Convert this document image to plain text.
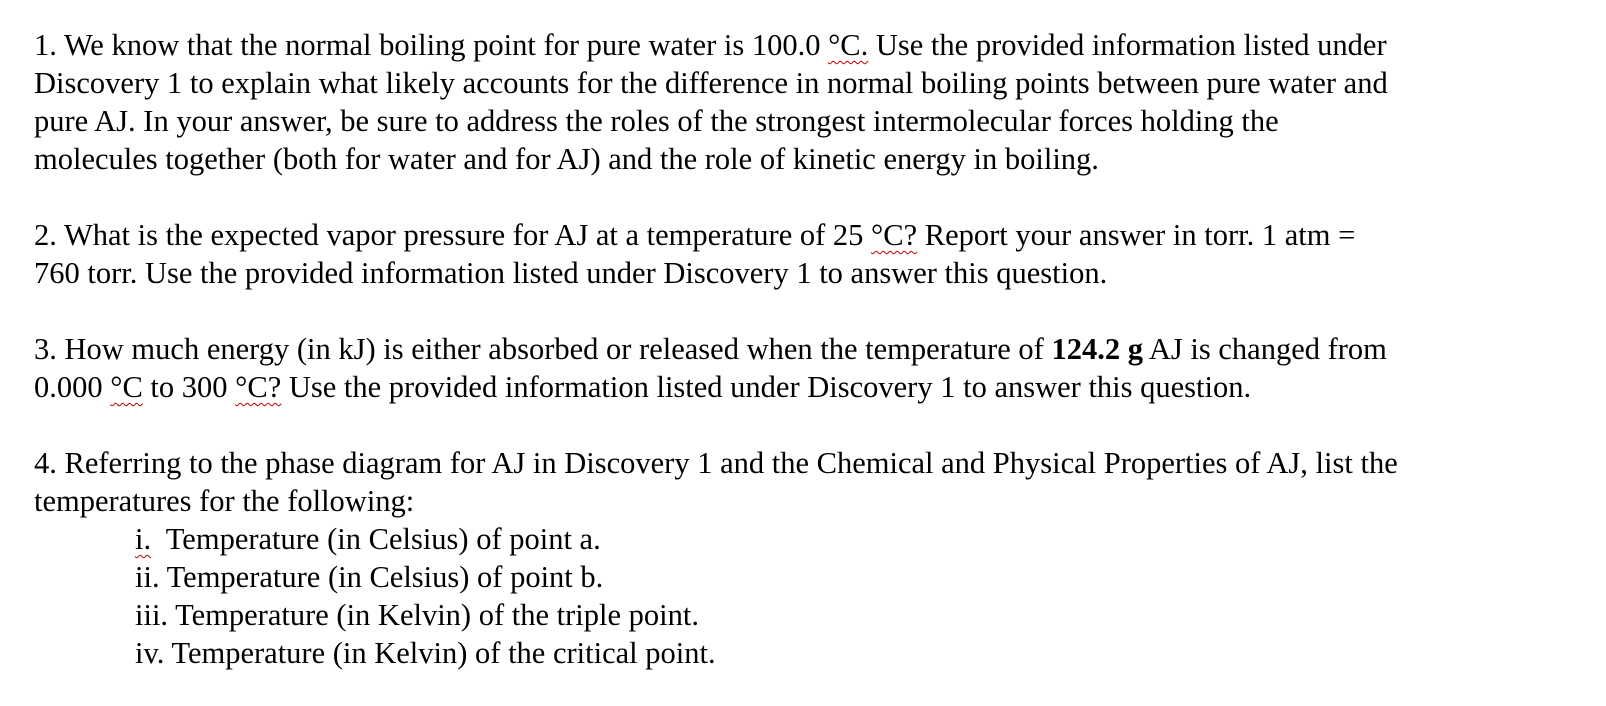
1. We know that the normal boiling point for pure water is 100.0 °C. Use the provided information listed under
Discovery 1 to explain what likely accounts for the difference in normal boiling points between pure water and
pure AJ. In your answer, be sure to address the roles of the strongest intermolecular forces holding the
molecules together (both for water and for AJ) and the role of kinetic energy in boiling.
2. What is the expected vapor pressure for AJ at a temperature of 25 °C? Report your answer in torr. 1 atm =
760 torr. Use the provided information listed under Discovery 1 to answer this question.
3. How much energy (in kJ) is either absorbed or released when the temperature of 124.2 g AJ is changed from
0.000 °C to 300 °C? Use the provided information listed under Discovery 1 to answer this question.
4. Referring to the phase diagram for AJ in Discovery 1 and the Chemical and Physical Properties of AJ, list the
temperatures for the following:
i.  Temperature (in Celsius) of point a.
ii. Temperature (in Celsius) of point b.
iii. Temperature (in Kelvin) of the triple point.
iv. Temperature (in Kelvin) of the critical point.
